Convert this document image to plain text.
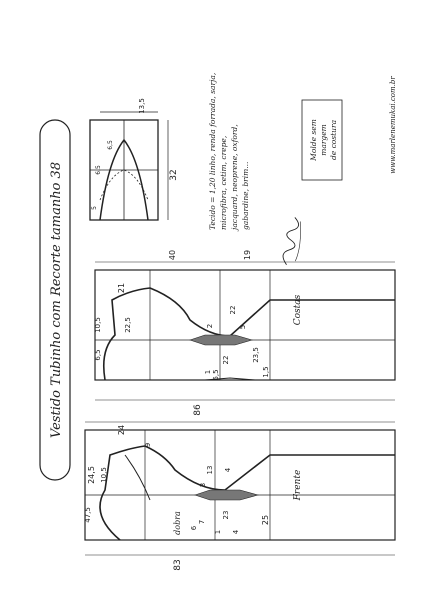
Vestido Tubinho com Recorte tamanho 38	32
13,5
6,5
6,5
5
Costas
21
40	19
10,5	22,5
6,5
22
2	5
22
6,5
23,5
1	1,5
86
Frente
24
24,5 10,5
47,5
9
13 4
7
23
1
3
4
25
6
dobra
83
Tecido = 1,20 linho, renda forrada, sarja, microfibra, cetim, crepe, jacquard, neoprene, oxford, gabardine, brim...
Molde sem margem de costura	www.marlenemukai.com.br
